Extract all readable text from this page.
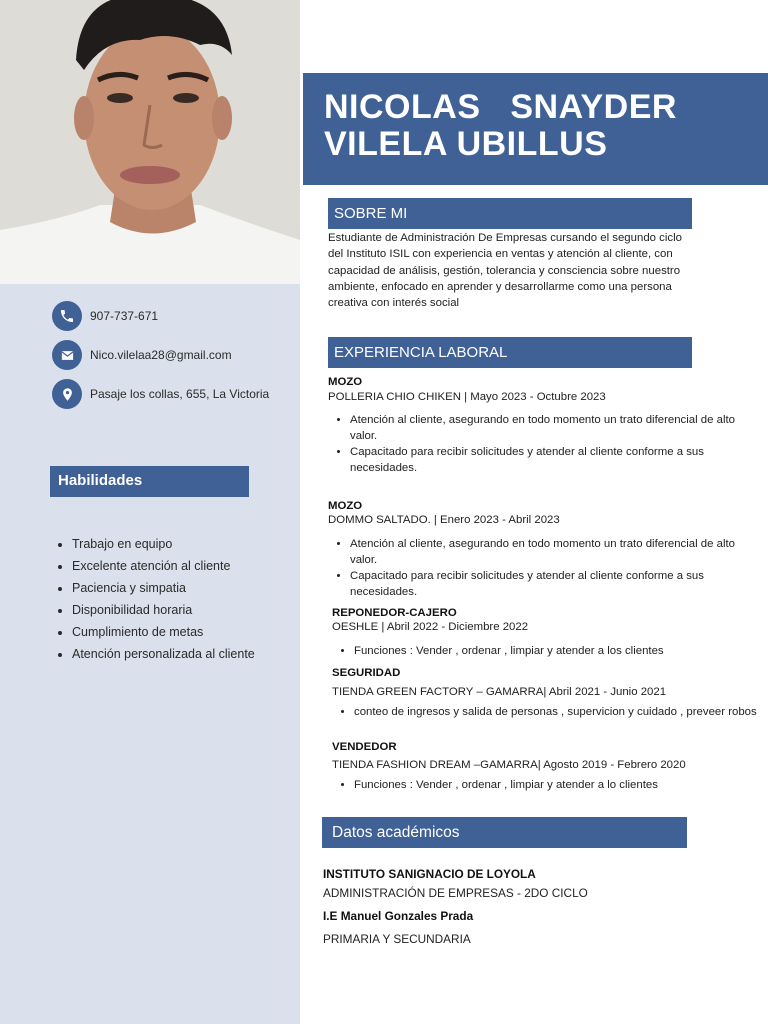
907-737-671
Nico.vilelaa28@gmail.com
Pasaje los collas, 655, La Victoria
Habilidades
• Trabajo en equipo
• Excelente atención al cliente
• Paciencia y simpatia
• Disponibilidad horaria
• Cumplimiento de metas
• Atención personalizada al cliente
NICOLAS   SNAYDER
VILELA UBILLUS
SOBRE MI
Estudiante de Administración De Empresas cursando el segundo ciclo del Instituto ISIL con experiencia en ventas y atención al cliente, con capacidad de análisis, gestión, tolerancia y consciencia sobre nuestro ambiente, enfocado en aprender y desarrollarme como una persona creativa con interés social
EXPERIENCIA LABORAL
MOZO
POLLERIA CHIO CHIKEN | Mayo 2023 - Octubre 2023
• Atención al cliente, asegurando en todo momento un trato diferencial de alto valor.
• Capacitado para recibir solicitudes y atender al cliente conforme a sus necesidades.
MOZO
DOMMO SALTADO. | Enero 2023 - Abril 2023
• Atención al cliente, asegurando en todo momento un trato diferencial de alto valor.
• Capacitado para recibir solicitudes y atender al cliente conforme a sus necesidades.
REPONEDOR-CAJERO
OESHLE | Abril 2022 - Diciembre 2022
• Funciones : Vender , ordenar , limpiar y atender a los clientes
SEGURIDAD
TIENDA GREEN FACTORY – GAMARRA| Abril 2021 - Junio 2021
• conteo de ingresos y salida de personas , supervicion y cuidado , preveer robos
VENDEDOR
TIENDA FASHION DREAM –GAMARRA| Agosto 2019 - Febrero 2020
• Funciones : Vender , ordenar , limpiar y atender a lo clientes
Datos académicos
INSTITUTO SANIGNACIO DE LOYOLA
ADMINISTRACIÓN DE EMPRESAS - 2DO CICLO
I.E Manuel Gonzales Prada
PRIMARIA Y SECUNDARIA
